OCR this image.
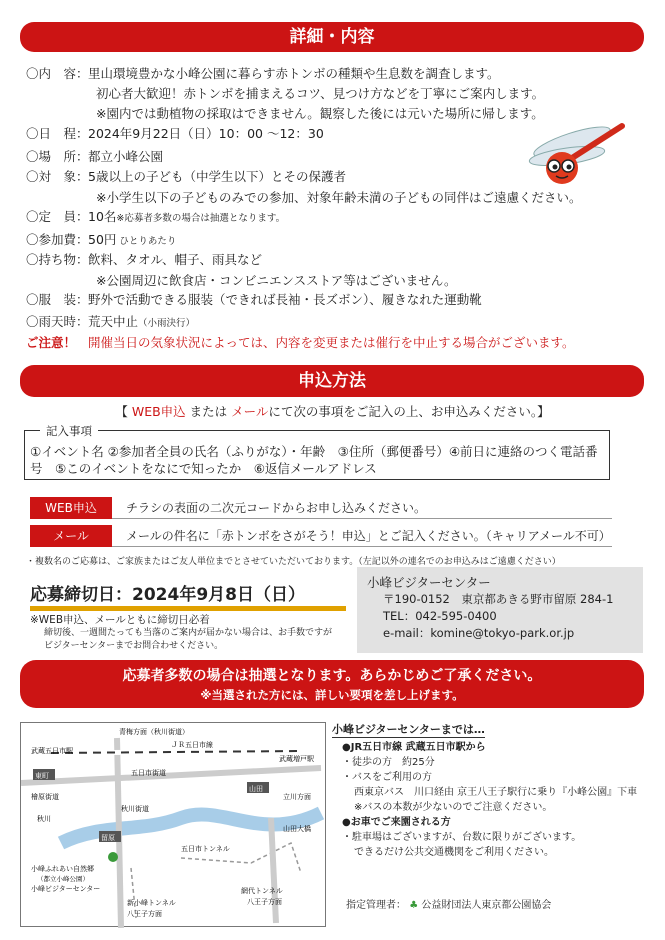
詳細・内容
〇内　容：里山環境豊かな小峰公園に暮らす赤トンボの種類や生息数を調査します。
初心者大歓迎！赤トンボを捕まえるコツ、見つけ方などを丁寧にご案内します。
※園内では動植物の採取はできません。観察した後には元いた場所に帰します。
〇日　程：2024年9月22日（日）10：00 ～12：30
〇場　所：都立小峰公園
〇対　象：5歳以上の子ども（中学生以下）とその保護者
※小学生以下の子どものみでの参加、対象年齢未満の子どもの同伴はご遠慮ください。
〇定　員：10名※応募者多数の場合は抽選となります。
〇参加費：50円 ひとりあたり
〇持ち物：飲料、タオル、帽子、雨具など
※公園周辺に飲食店・コンビニエンスストア等はございません。
〇服　装：野外で活動できる服装（できれば長袖・長ズボン）、履きなれた運動靴
〇雨天時：荒天中止（小雨決行）
ご注意！ 開催当日の気象状況によっては、内容を変更または催行を中止する場合がございます。
申込方法
【 WEB申込 または メールにて次の事項をご記入の上、お申込みください。】
記入事項
①イベント名 ②参加者全員の氏名（ふりがな）・年齢　③住所（郵便番号）④前日に連絡のつく電話番号　⑤このイベントをなにで知ったか　⑥返信メールアドレス
WEB申込	チラシの表面の二次元コードからお申し込みください。
メール	メールの件名に「赤トンボをさがそう！申込」とご記入ください。（キャリアメール不可）
・複数名のご応募は、ご家族またはご友人単位までとさせていただいております。（左記以外の連名でのお申込みはご遠慮ください）
応募締切日：2024年9月8日（日）
※WEB申込、メールともに締切日必着
締切後、一週間たっても当落のご案内が届かない場合は、お手数ですが
ビジターセンターまでお問合わせください。
小峰ビジターセンター
〒190-0152　東京都あきる野市留原 284-1
TEL：042-595-0400
e-mail：komine@tokyo-park.or.jp
応募者多数の場合は抽選となります。あらかじめご了承ください。
※当選された方には、詳しい要項を差し上げます。
東町
留原
山田
青梅方面（秋川街道）
武蔵五日市駅
ＪＲ五日市線
武蔵増戸駅
檜原街道
五日市街道
立川方面
秋川
秋川街道
山田大橋
五日市トンネル
小峰ふれあい自然郷
（都立小峰公園）
小峰ビジターセンター
新小峰トンネル
八王子方面
網代トンネル
八王子方面
小峰ビジターセンターまでは…
●JR五日市線 武蔵五日市駅から
・徒歩の方　約25分
・バスをご利用の方
西東京バス　川口経由 京王八王子駅行に乗り『小峰公園』下車
※バスの本数が少ないのでご注意ください。
●お車でご来園される方
・駐車場はございますが、台数に限りがございます。
できるだけ公共交通機関をご利用ください。
指定管理者： ♣ 公益財団法人東京都公園協会
